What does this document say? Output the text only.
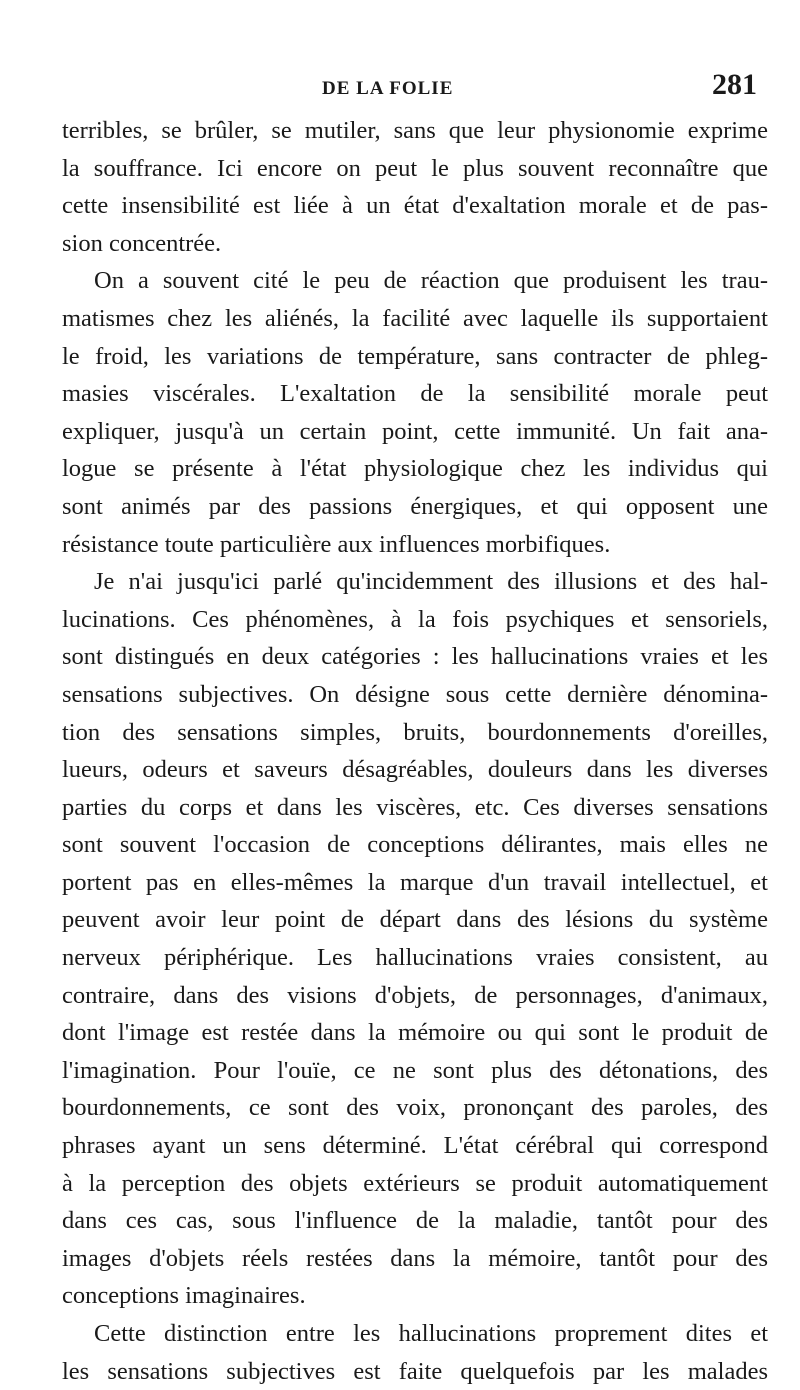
DE LA FOLIE	281
terribles, se brûler, se mutiler, sans que leur physionomie exprime
la souffrance. Ici encore on peut le plus souvent reconnaître que
cette insensibilité est liée à un état d'exaltation morale et de pas-
sion concentrée.
On a souvent cité le peu de réaction que produisent les trau-
matismes chez les aliénés, la facilité avec laquelle ils supportaient
le froid, les variations de température, sans contracter de phleg-
masies viscérales. L'exaltation de la sensibilité morale peut
expliquer, jusqu'à un certain point, cette immunité. Un fait ana-
logue se présente à l'état physiologique chez les individus qui
sont animés par des passions énergiques, et qui opposent une
résistance toute particulière aux influences morbifiques.
Je n'ai jusqu'ici parlé qu'incidemment des illusions et des hal-
lucinations. Ces phénomènes, à la fois psychiques et sensoriels,
sont distingués en deux catégories : les hallucinations vraies et les
sensations subjectives. On désigne sous cette dernière dénomina-
tion des sensations simples, bruits, bourdonnements d'oreilles,
lueurs, odeurs et saveurs désagréables, douleurs dans les diverses
parties du corps et dans les viscères, etc. Ces diverses sensations
sont souvent l'occasion de conceptions délirantes, mais elles ne
portent pas en elles-mêmes la marque d'un travail intellectuel, et
peuvent avoir leur point de départ dans des lésions du système
nerveux périphérique. Les hallucinations vraies consistent, au
contraire, dans des visions d'objets, de personnages, d'animaux,
dont l'image est restée dans la mémoire ou qui sont le produit de
l'imagination. Pour l'ouïe, ce ne sont plus des détonations, des
bourdonnements, ce sont des voix, prononçant des paroles, des
phrases ayant un sens déterminé. L'état cérébral qui correspond
à la perception des objets extérieurs se produit automatiquement
dans ces cas, sous l'influence de la maladie, tantôt pour des
images d'objets réels restées dans la mémoire, tantôt pour des
conceptions imaginaires.
Cette distinction entre les hallucinations proprement dites et
les sensations subjectives est faite quelquefois par les malades
